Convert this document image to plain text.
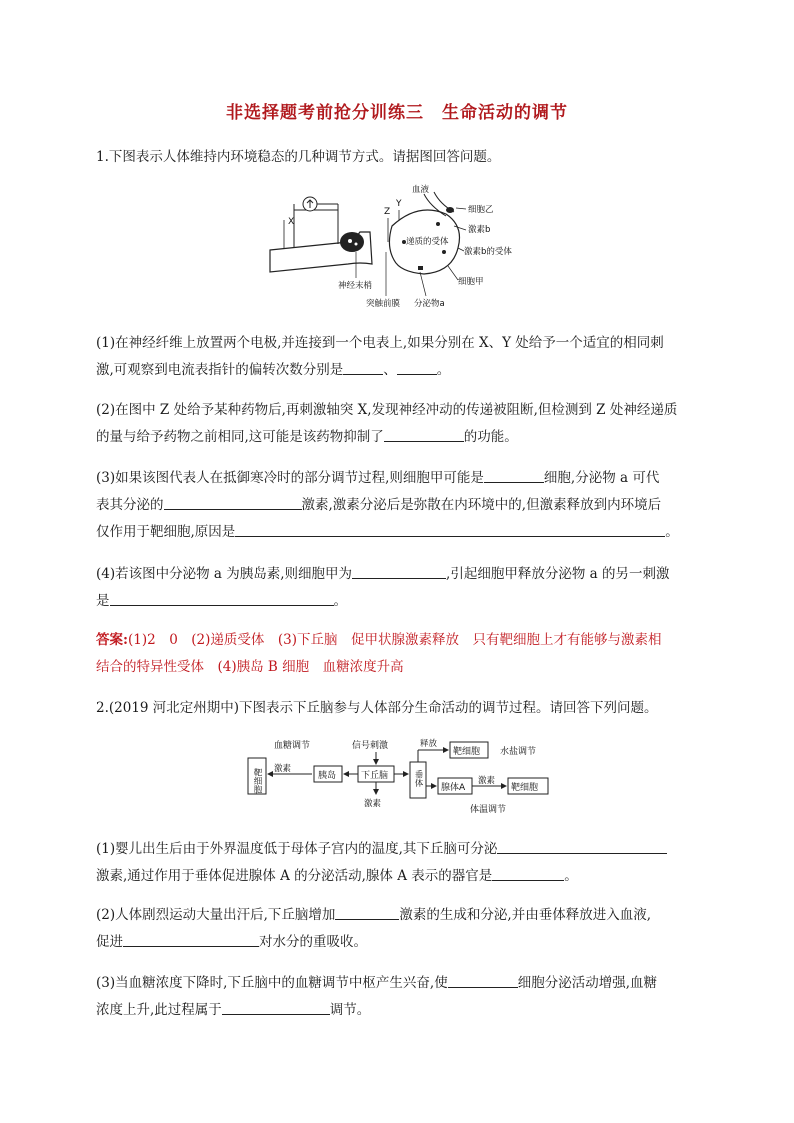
非选择题考前抢分训练三　生命活动的调节
1.下图表示人体维持内环境稳态的几种调节方式。请据图回答问题。
X
Z
Y
递质的受体
血液
细胞乙
激素b
激素b的受体
细胞甲
神经末梢
突触前膜 分泌物a
(1)在神经纤维上放置两个电极,并连接到一个电表上,如果分别在 X、Y 处给予一个适宜的相同刺
激,可观察到电流表指针的偏转次数分别是	、	。
(2)在图中 Z 处给予某种药物后,再刺激轴突 X,发现神经冲动的传递被阻断,但检测到 Z 处神经递质
的量与给予药物之前相同,这可能是该药物抑制了	的功能。
(3)如果该图代表人在抵御寒冷时的部分调节过程,则细胞甲可能是	细胞,分泌物 a 可代
表其分泌的	激素,激素分泌后是弥散在内环境中的,但激素释放到内环境后
仅作用于靶细胞,原因是	。
(4)若该图中分泌物 a 为胰岛素,则细胞甲为	,引起细胞甲释放分泌物 a 的另一刺激
是	。
答案:(1)2　0　(2)递质受体　(3)下丘脑　促甲状腺激素释放　只有靶细胞上才有能够与激素相
结合的特异性受体　(4)胰岛 B 细胞　血糖浓度升高
2.(2019 河北定州期中)下图表示下丘脑参与人体部分生命活动的调节过程。请回答下列问题。
靶细胞
血糖调节
激素
胰岛
信号刺激
下丘脑
激素
垂体
释放
靶细胞 水盐调节
腺体A
激素
靶细胞
体温调节
(1)婴儿出生后由于外界温度低于母体子宫内的温度,其下丘脑可分泌
激素,通过作用于垂体促进腺体 A 的分泌活动,腺体 A 表示的器官是	。
(2)人体剧烈运动大量出汗后,下丘脑增加	激素的生成和分泌,并由垂体释放进入血液,
促进	对水分的重吸收。
(3)当血糖浓度下降时,下丘脑中的血糖调节中枢产生兴奋,使	细胞分泌活动增强,血糖
浓度上升,此过程属于	调节。
